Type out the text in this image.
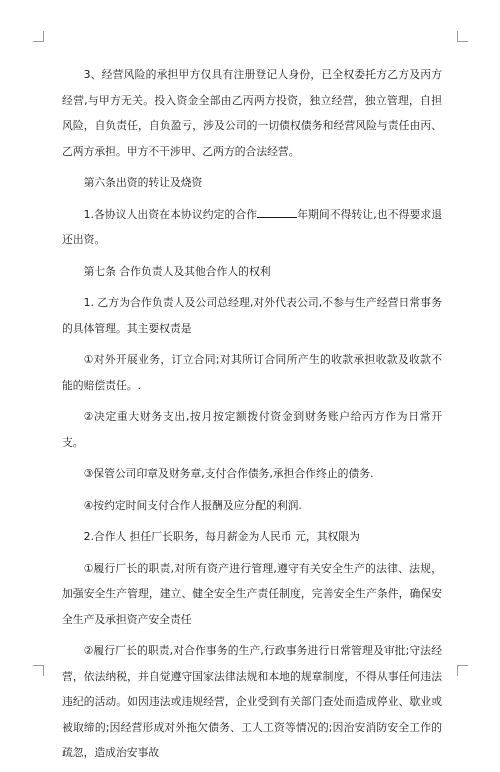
3、经营风险的承担甲方仅具有注册登记人身份，已全权委托方乙方及丙方经营,与甲方无关。投入资金全部由乙丙两方投资，独立经营，独立管理，自担风险，自负责任，自负盈亏，涉及公司的一切债权债务和经营风险与责任由丙、乙两方承担。甲方不干涉甲、乙两方的合法经营。

第六条出资的转让及烧资

1.各协议人出资在本协议约定的合作	年期间不得转让,也不得要求退还出资。

第七条 合作负责人及其他合作人的权利

1. 乙方为合作负责人及公司总经理,对外代表公司,不参与生产经营日常事务的具体管理。其主要权责是

①对外开展业务，订立合同;对其所订合同所产生的收款承担收款及收款不能的赔偿责任。.

②决定重大财务支出,按月按定额拨付资金到财务账户给丙方作为日常开支。

③保管公司印章及财务章,支付合作债务,承担合作终止的债务.

④按约定时间支付合作人报酬及应分配的利润.

2.合作人 担任厂长职务，每月薪金为人民币 元，其权限为

①履行厂长的职责,对所有资产进行管理,遵守有关安全生产的法律、法规，加强安全生产管理，建立、健全安全生产责任制度，完善安全生产条件，确保安全生产及承担资产安全责任

②履行厂长的职责,对合作事务的生产,行政事务进行日常管理及审批;守法经营，依法纳税，并自觉遵守国家法律法规和本地的规章制度，不得从事任何违法违纪的活动。如因违法或违规经营，企业受到有关部门查处而造成停业、歇业或被取缔的;因经营形成对外拖欠债务、工人工资等情况的;因治安消防安全工作的疏忽，造成治安事故
